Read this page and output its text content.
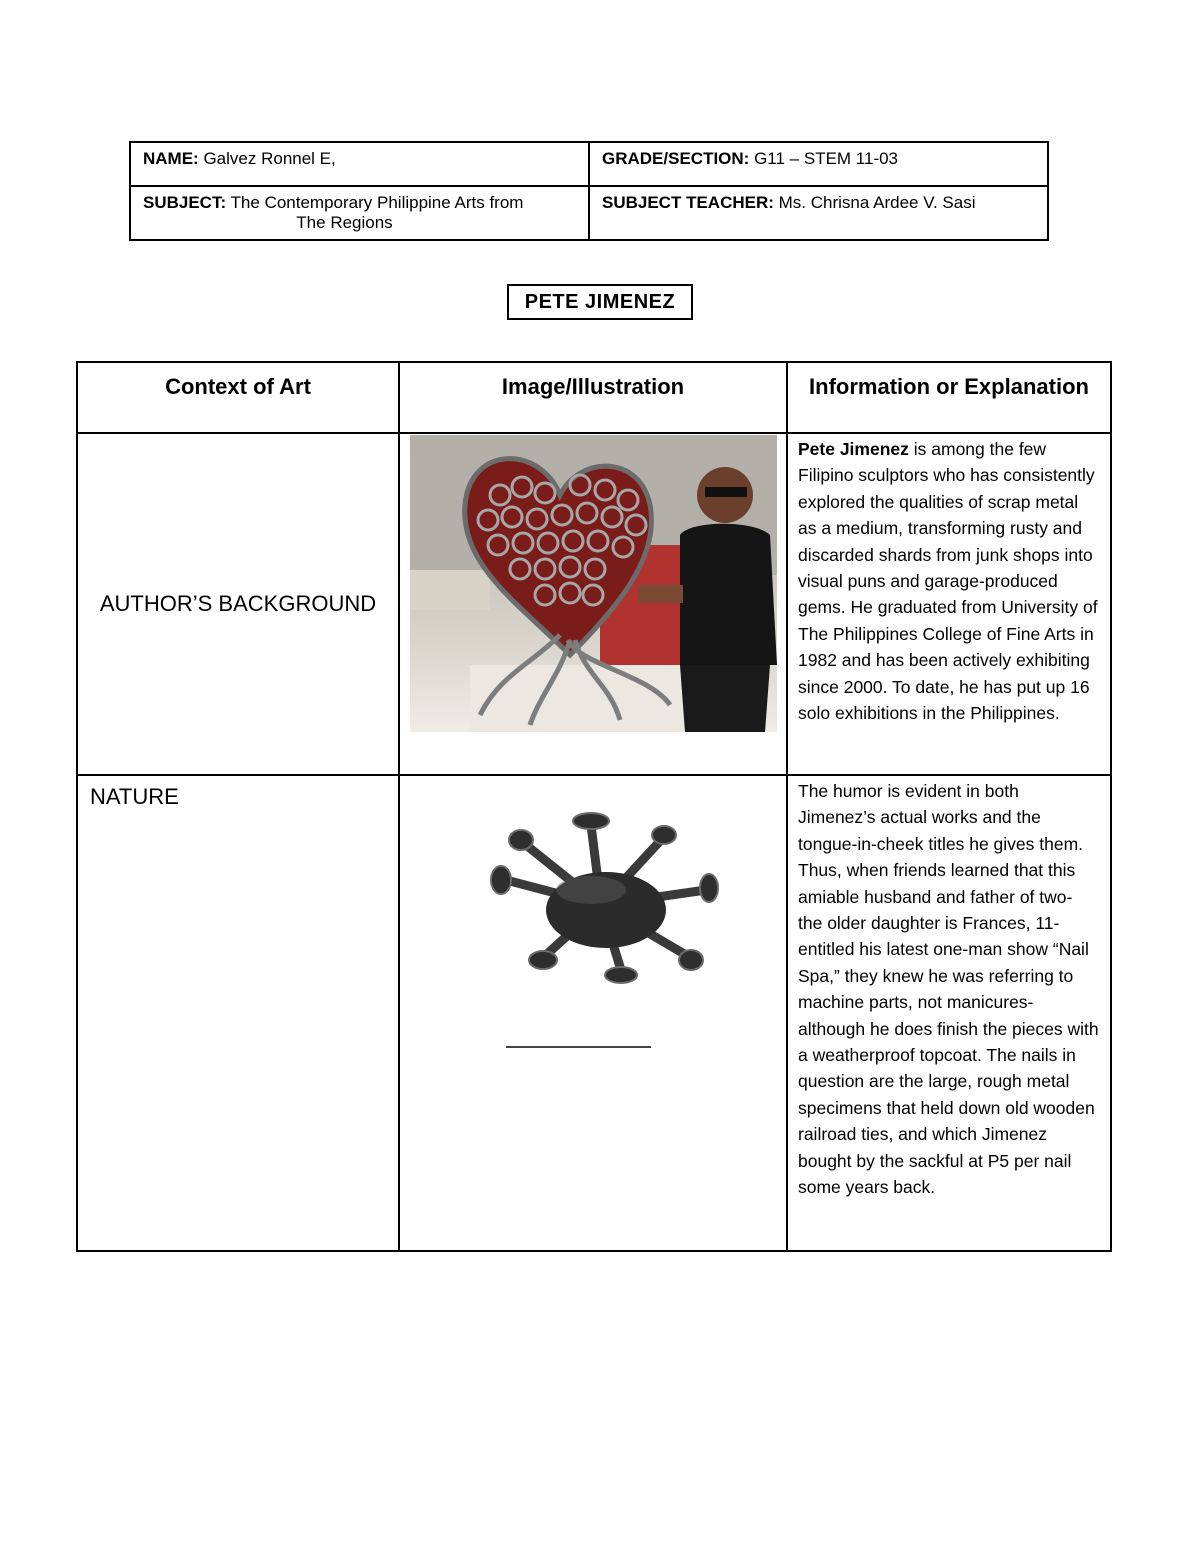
NAME: Galvez Ronnel E,	GRADE/SECTION: G11 – STEM 11-03
SUBJECT: The Contemporary Philippine Arts from
The Regions	SUBJECT TEACHER: Ms. Chrisna Ardee V. Sasi
PETE JIMENEZ
Context of Art	Image/Illustration	Information or Explanation
AUTHOR’S BACKGROUND		Pete Jimenez is among the few Filipino sculptors who has consistently explored the qualities of scrap metal as a medium, transforming rusty and discarded shards from junk shops into visual puns and garage-produced gems. He graduated from University of The Philippines College of Fine Arts in 1982 and has been actively exhibiting since 2000. To date, he has put up 16 solo exhibitions in the Philippines.
NATURE		The humor is evident in both Jimenez’s actual works and the tongue-in-cheek titles he gives them. Thus, when friends learned that this amiable husband and father of two- the older daughter is Frances, 11-entitled his latest one-man show “Nail Spa,” they knew he was referring to machine parts, not manicures-although he does finish the pieces with a weatherproof topcoat. The nails in question are the large, rough metal specimens that held down old wooden railroad ties, and which Jimenez bought by the sackful at P5 per nail some years back.
